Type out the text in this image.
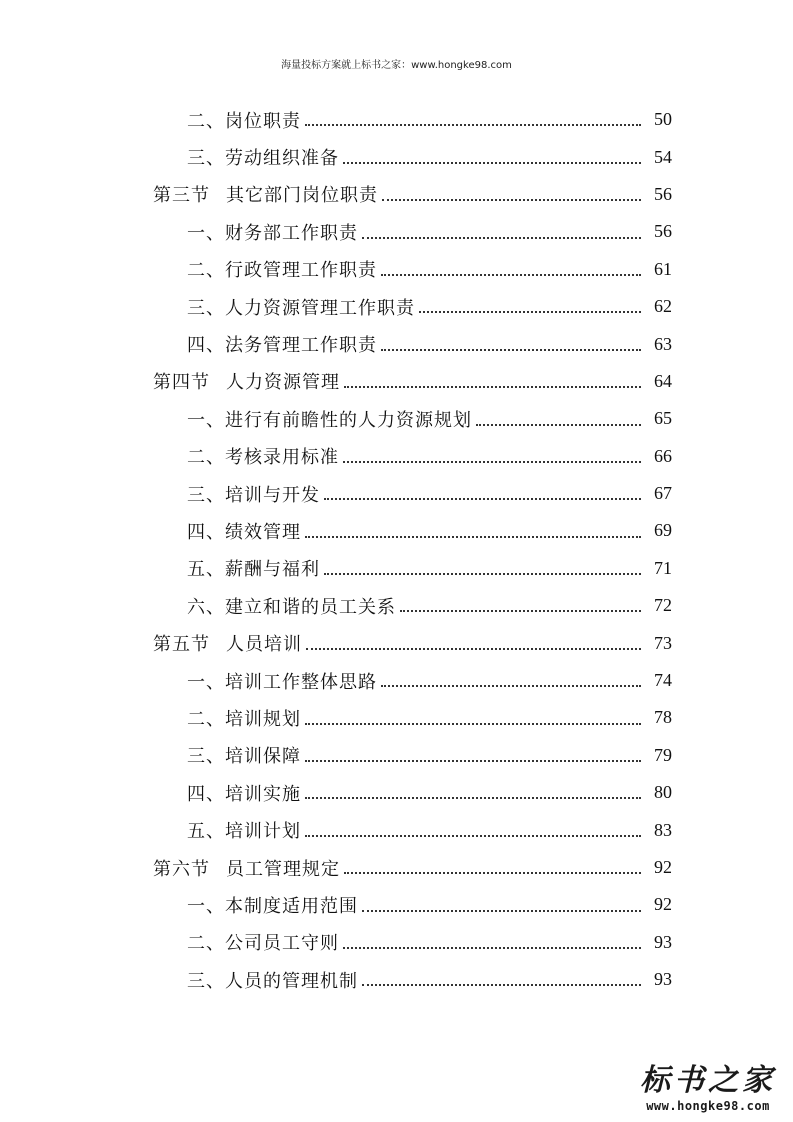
海量投标方案就上标书之家：www.hongke98.com
二、岗位职责	50
三、劳动组织准备	54
第三节 其它部门岗位职责	56
一、财务部工作职责	56
二、行政管理工作职责	61
三、人力资源管理工作职责	62
四、法务管理工作职责	63
第四节 人力资源管理	64
一、进行有前瞻性的人力资源规划	65
二、考核录用标准	66
三、培训与开发	67
四、绩效管理	69
五、薪酬与福利	71
六、建立和谐的员工关系	72
第五节 人员培训	73
一、培训工作整体思路	74
二、培训规划	78
三、培训保障	79
四、培训实施	80
五、培训计划	83
第六节 员工管理规定	92
一、本制度适用范围	92
二、公司员工守则	93
三、人员的管理机制	93
标书之家
www.hongke98.com
